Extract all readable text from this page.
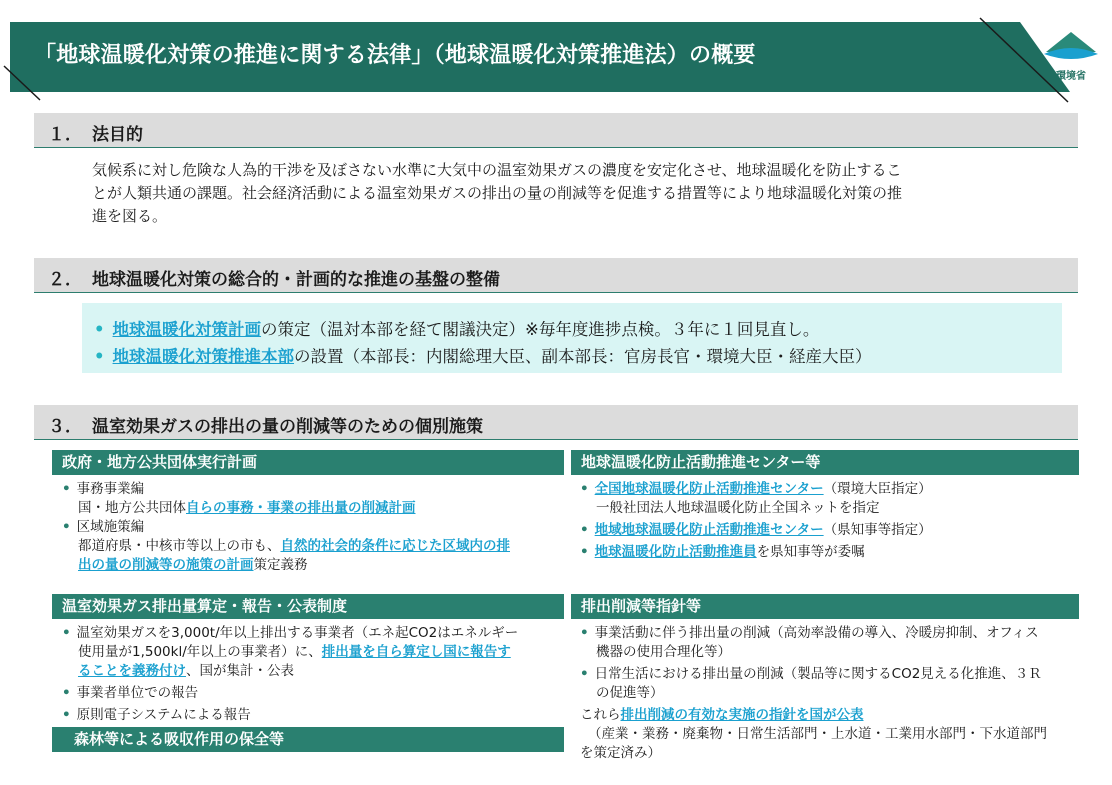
「地球温暖化対策の推進に関する法律」（地球温暖化対策推進法）の概要
環境省
１． 法目的
気候系に対し危険な人為的干渉を及ぼさない水準に大気中の温室効果ガスの濃度を安定化させ、地球温暖化を防止するこ
とが人類共通の課題。社会経済活動による温室効果ガスの排出の量の削減等を促進する措置等により地球温暖化対策の推
進を図る。
２． 地球温暖化対策の総合的・計画的な推進の基盤の整備
• 地球温暖化対策計画の策定（温対本部を経て閣議決定）※毎年度進捗点検。３年に１回見直し。
• 地球温暖化対策推進本部の設置（本部長：内閣総理大臣、副本部長：官房長官・環境大臣・経産大臣）
３． 温室効果ガスの排出の量の削減等のための個別施策
政府・地方公共団体実行計画
• 事務事業編
国・地方公共団体自らの事務・事業の排出量の削減計画
• 区域施策編
都道府県・中核市等以上の市も、自然的社会的条件に応じた区域内の排
出の量の削減等の施策の計画策定義務
地球温暖化防止活動推進センター等
• 全国地球温暖化防止活動推進センター（環境大臣指定）
一般社団法人地球温暖化防止全国ネットを指定
• 地域地球温暖化防止活動推進センター（県知事等指定）
• 地球温暖化防止活動推進員を県知事等が委嘱
温室効果ガス排出量算定・報告・公表制度
• 温室効果ガスを3,000t/年以上排出する事業者（エネ起CO2はエネルギー
使用量が1,500kl/年以上の事業者）に、排出量を自ら算定し国に報告す
ることを義務付け、国が集計・公表
• 事業者単位での報告
• 原則電子システムによる報告
森林等による吸収作用の保全等
排出削減等指針等
• 事業活動に伴う排出量の削減（高効率設備の導入、冷暖房抑制、オフィス
機器の使用合理化等）
• 日常生活における排出量の削減（製品等に関するCO2見える化推進、３Ｒ
の促進等）
これら排出削減の有効な実施の指針を国が公表
（産業・業務・廃棄物・日常生活部門・上水道・工業用水部門・下水道部門
を策定済み）
